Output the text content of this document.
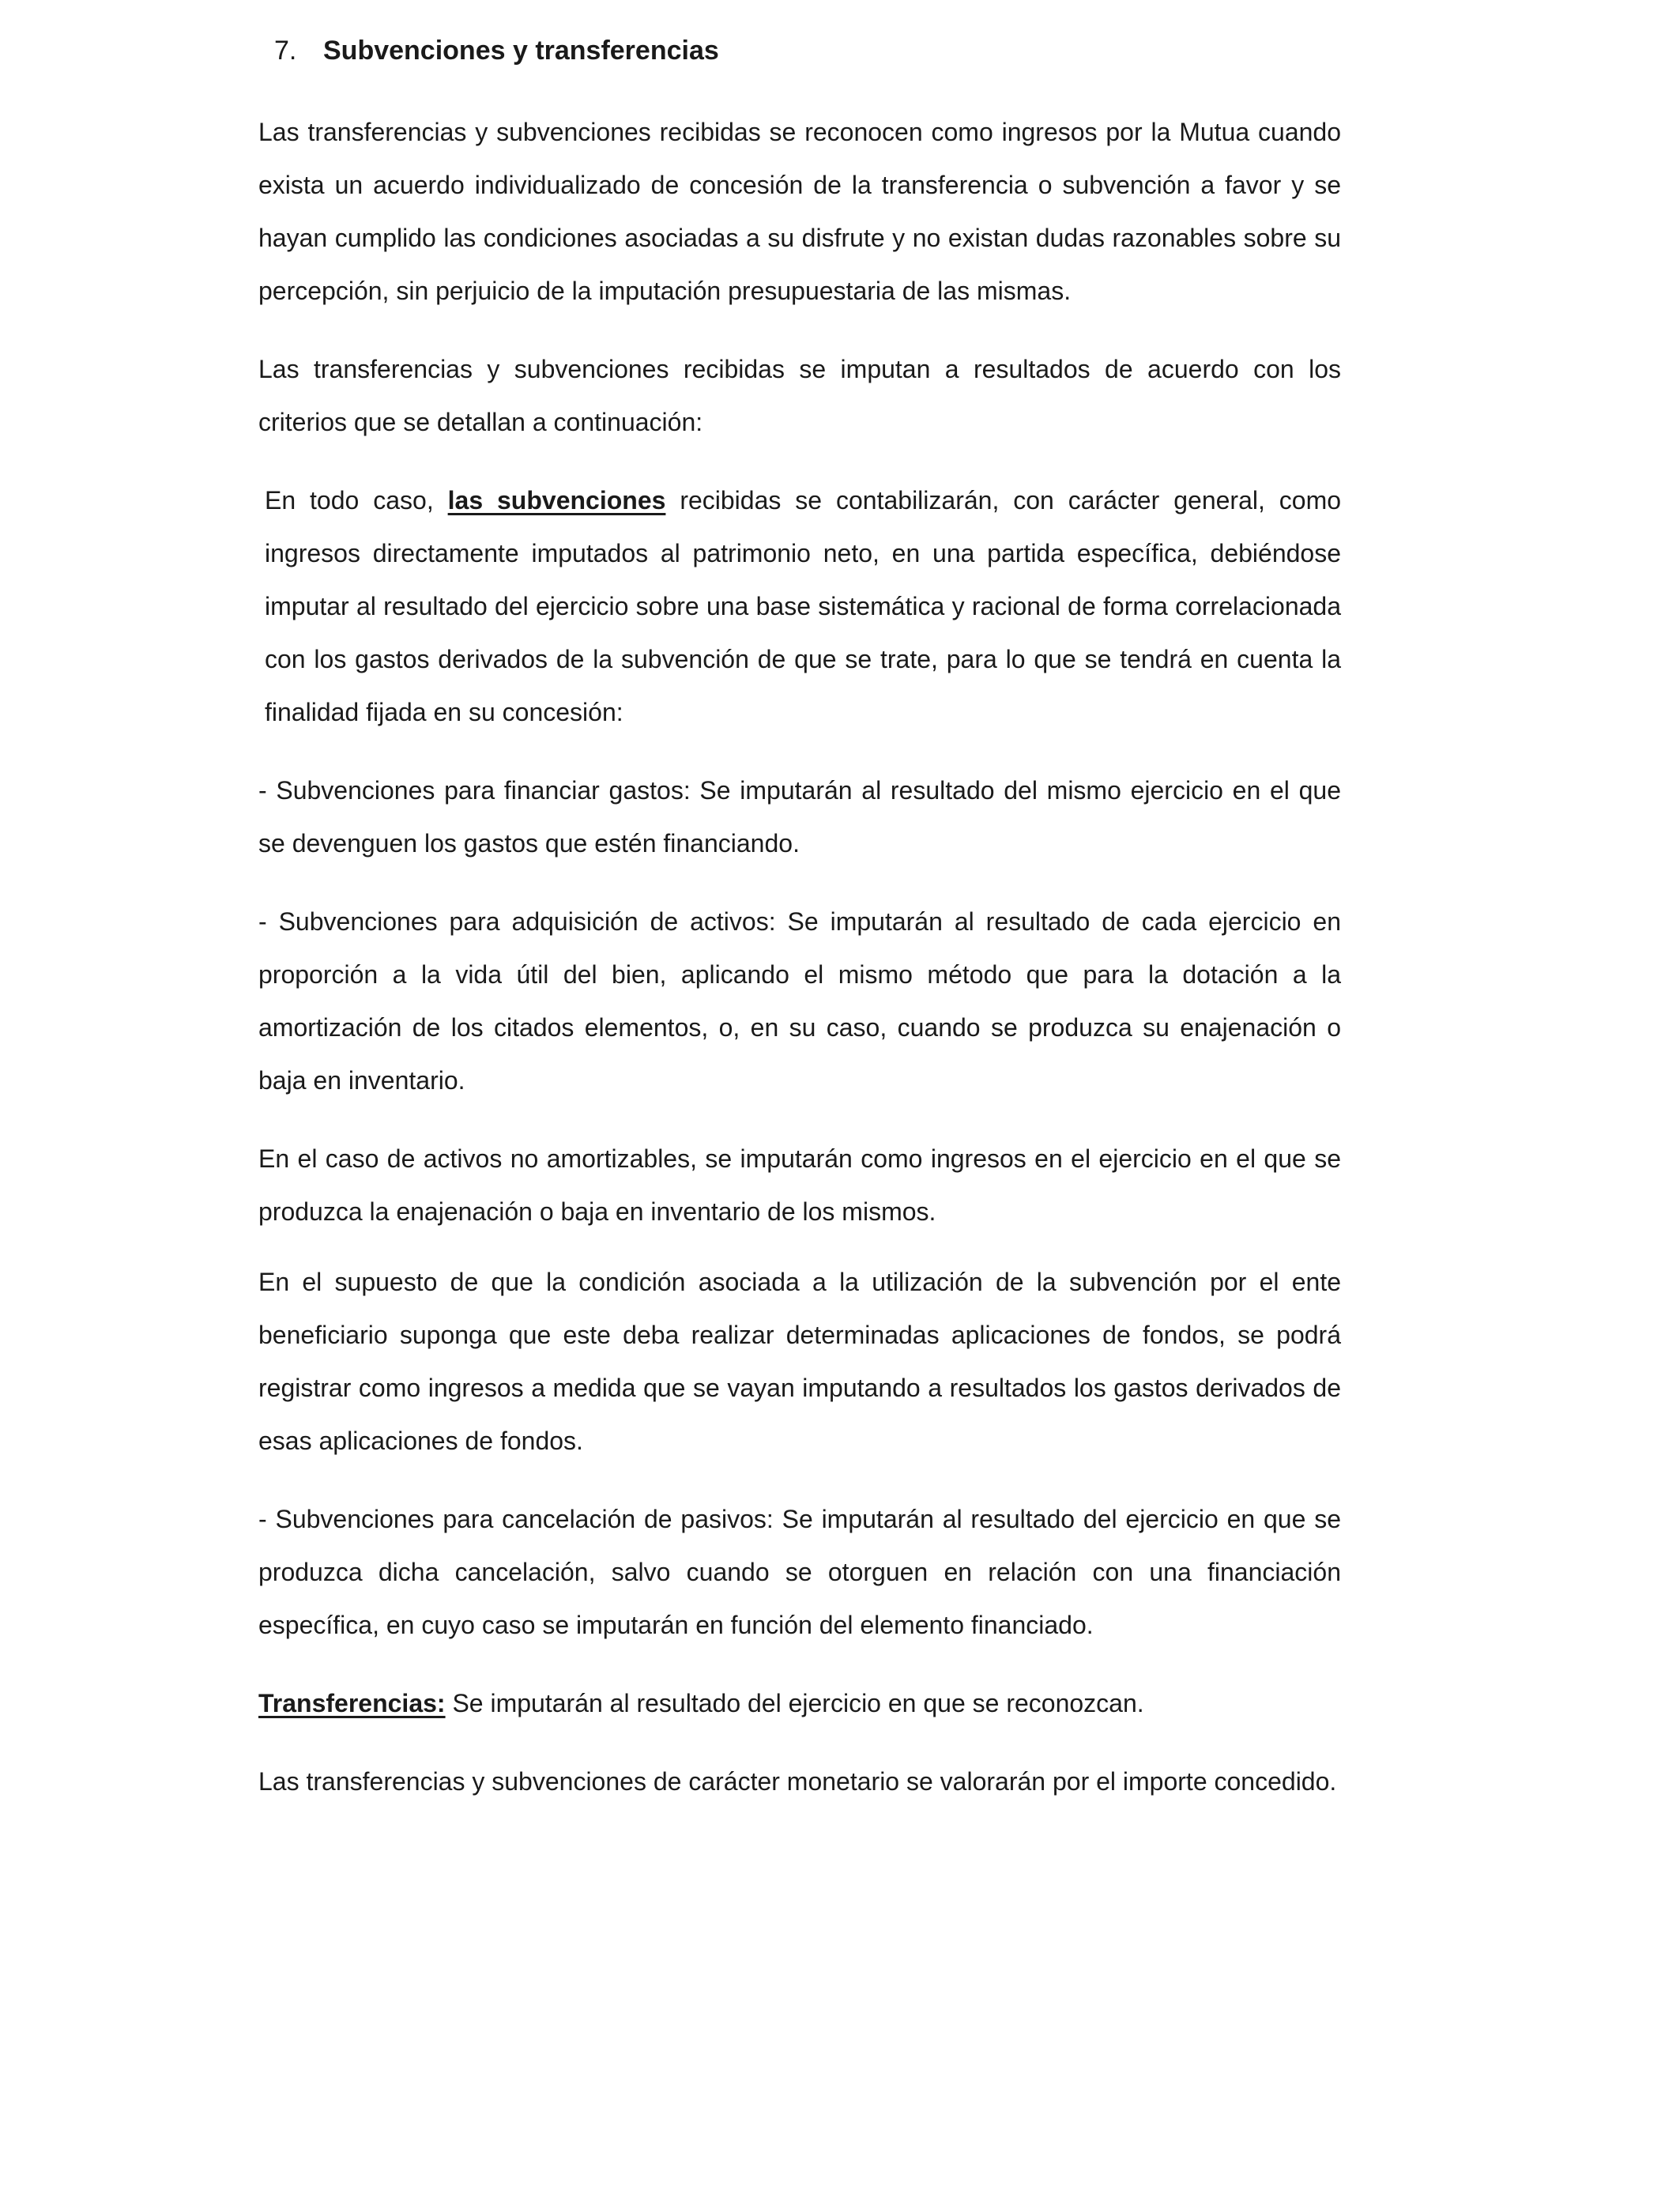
7. Subvenciones y transferencias

Las transferencias y subvenciones recibidas se reconocen como ingresos por la Mutua cuando exista un acuerdo individualizado de concesión de la transferencia o subvención a favor y se hayan cumplido las condiciones asociadas a su disfrute y no existan dudas razonables sobre su percepción, sin perjuicio de la imputación presupuestaria de las mismas.

Las transferencias y subvenciones recibidas se imputan a resultados de acuerdo con los criterios que se detallan a continuación:

En todo caso, las subvenciones recibidas se contabilizarán, con carácter general, como ingresos directamente imputados al patrimonio neto, en una partida específica, debiéndose imputar al resultado del ejercicio sobre una base sistemática y racional de forma correlacionada con los gastos derivados de la subvención de que se trate, para lo que se tendrá en cuenta la finalidad fijada en su concesión:

- Subvenciones para financiar gastos: Se imputarán al resultado del mismo ejercicio en el que se devenguen los gastos que estén financiando.

- Subvenciones para adquisición de activos: Se imputarán al resultado de cada ejercicio en proporción a la vida útil del bien, aplicando el mismo método que para la dotación a la amortización de los citados elementos, o, en su caso, cuando se produzca su enajenación o baja en inventario.

En el caso de activos no amortizables, se imputarán como ingresos en el ejercicio en el que se produzca la enajenación o baja en inventario de los mismos.

En el supuesto de que la condición asociada a la utilización de la subvención por el ente beneficiario suponga que este deba realizar determinadas aplicaciones de fondos, se podrá registrar como ingresos a medida que se vayan imputando a resultados los gastos derivados de esas aplicaciones de fondos.

- Subvenciones para cancelación de pasivos: Se imputarán al resultado del ejercicio en que se produzca dicha cancelación, salvo cuando se otorguen en relación con una financiación específica, en cuyo caso se imputarán en función del elemento financiado.

Transferencias: Se imputarán al resultado del ejercicio en que se reconozcan.

Las transferencias y subvenciones de carácter monetario se valorarán por el importe concedido.
